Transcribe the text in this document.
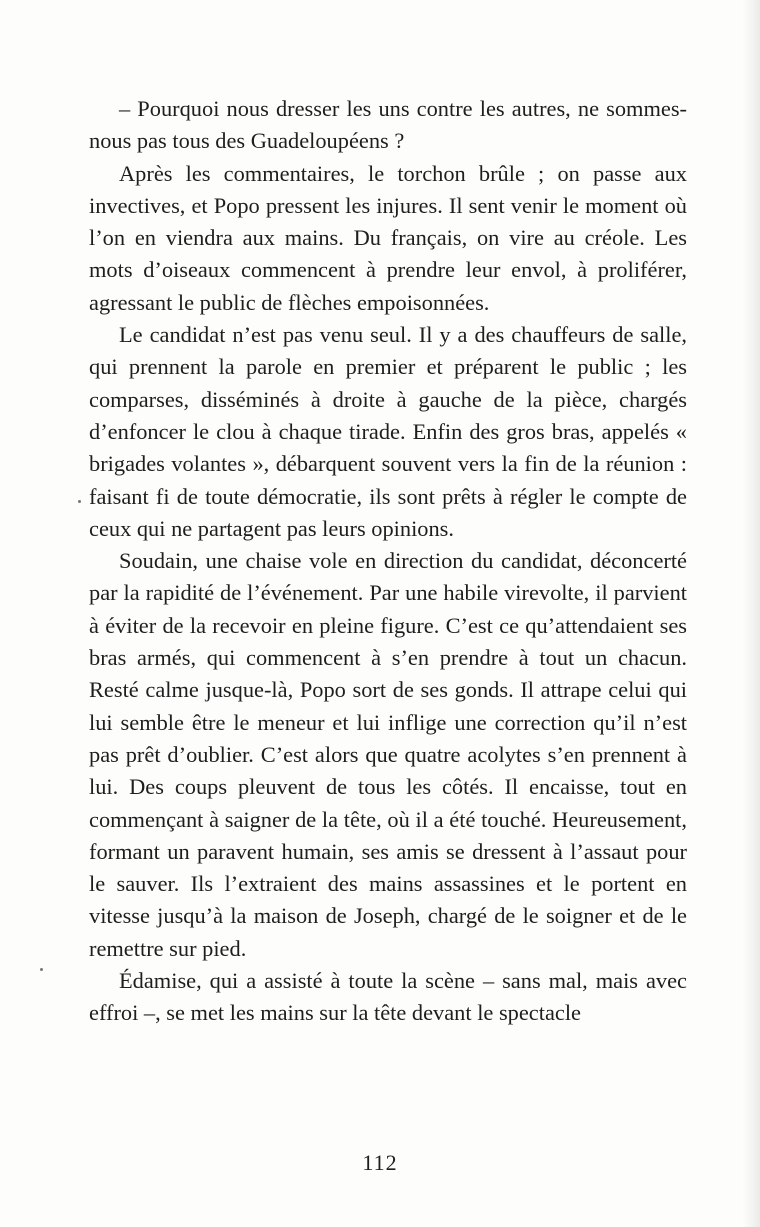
– Pourquoi nous dresser les uns contre les autres, ne sommes-nous pas tous des Guadeloupéens ?

Après les commentaires, le torchon brûle ; on passe aux invectives, et Popo pressent les injures. Il sent venir le moment où l’on en viendra aux mains. Du français, on vire au créole. Les mots d’oiseaux commencent à prendre leur envol, à proliférer, agressant le public de flèches empoisonnées.

Le candidat n’est pas venu seul. Il y a des chauffeurs de salle, qui prennent la parole en premier et préparent le public ; les comparses, disséminés à droite à gauche de la pièce, chargés d’enfoncer le clou à chaque tirade. Enfin des gros bras, appelés « brigades volantes », débarquent souvent vers la fin de la réunion : faisant fi de toute démocratie, ils sont prêts à régler le compte de ceux qui ne partagent pas leurs opinions.

Soudain, une chaise vole en direction du candidat, déconcerté par la rapidité de l’événement. Par une habile virevolte, il parvient à éviter de la recevoir en pleine figure. C’est ce qu’attendaient ses bras armés, qui commencent à s’en prendre à tout un chacun. Resté calme jusque-là, Popo sort de ses gonds. Il attrape celui qui lui semble être le meneur et lui inflige une correction qu’il n’est pas prêt d’oublier. C’est alors que quatre acolytes s’en prennent à lui. Des coups pleuvent de tous les côtés. Il encaisse, tout en commençant à saigner de la tête, où il a été touché. Heureusement, formant un paravent humain, ses amis se dressent à l’assaut pour le sauver. Ils l’extraient des mains assassines et le portent en vitesse jusqu’à la maison de Joseph, chargé de le soigner et de le remettre sur pied.

Édamise, qui a assisté à toute la scène – sans mal, mais avec effroi –, se met les mains sur la tête devant le spectacle

112
